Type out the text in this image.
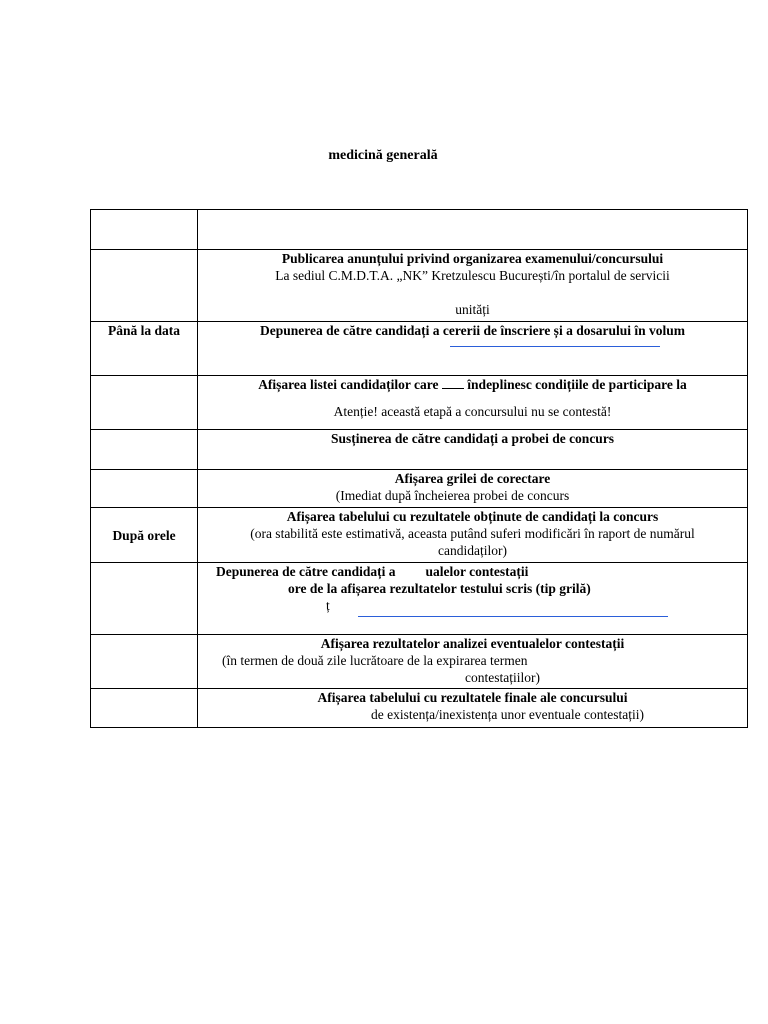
medicină generală

	Publicarea anunțului privind organizarea examenului/concursului
La sediul C.M.D.T.A. „NK” Kretzulescu București/în portalul de servicii
unități

Până la data	Depunerea de către candidați a cererii de înscriere și a dosarului în volum

	Afișarea listei candidaților care îndeplinesc condițiile de participare la
Atenție! această etapă a concursului nu se contestă!

	Susținerea de către candidați a probei de concurs

	Afișarea grilei de corectare
(Imediat după încheierea probei de concurs

După orele	Afișarea tabelului cu rezultatele obținute de candidați la concurs
(ora stabilită este estimativă, aceasta putând suferi modificări în raport de numărul
candidaților)

	Depunerea de către candidați a ualelor contestații
ore de la afișarea rezultatelor testului scris (tip grilă)
ț

	Afișarea rezultatelor analizei eventualelor contestații
(în termen de două zile lucrătoare de la expirarea termen
contestațiilor)

	Afișarea tabelului cu rezultatele finale ale concursului
de existența/inexistența unor eventuale contestații)
